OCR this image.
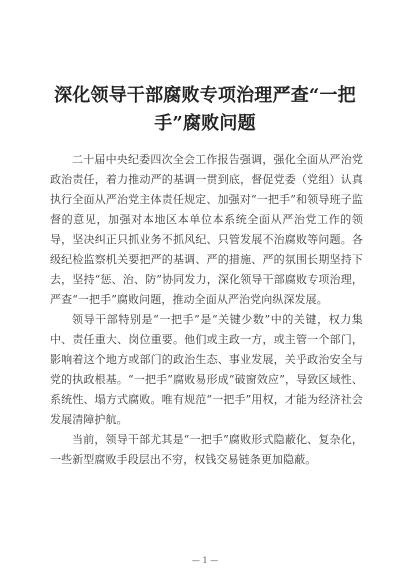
深化领导干部腐败专项治理严查“一把手”腐败问题

二十届中央纪委四次全会工作报告强调，强化全面从严治党政治责任，着力推动严的基调一贯到底，督促党委（党组）认真执行全面从严治党主体责任规定、加强对“一把手”和领导班子监督的意见，加强对本地区本单位本系统全面从严治党工作的领导，坚决纠正只抓业务不抓风纪、只管发展不治腐败等问题。各级纪检监察机关要把严的基调、严的措施、严的氛围长期坚持下去，坚持“惩、治、防”协同发力，深化领导干部腐败专项治理，严查“一把手”腐败问题，推动全面从严治党向纵深发展。

领导干部特别是“一把手”是“关键少数”中的关键，权力集中、责任重大、岗位重要。他们或主政一方，或主管一个部门，影响着这个地方或部门的政治生态、事业发展，关乎政治安全与党的执政根基。“一把手”腐败易形成“破窗效应”，导致区域性、系统性、塌方式腐败。唯有规范“一把手”用权，才能为经济社会发展清障护航。

当前，领导干部尤其是“一把手”腐败形式隐蔽化、复杂化，一些新型腐败手段层出不穷，权钱交易链条更加隐蔽。

— 1 —
